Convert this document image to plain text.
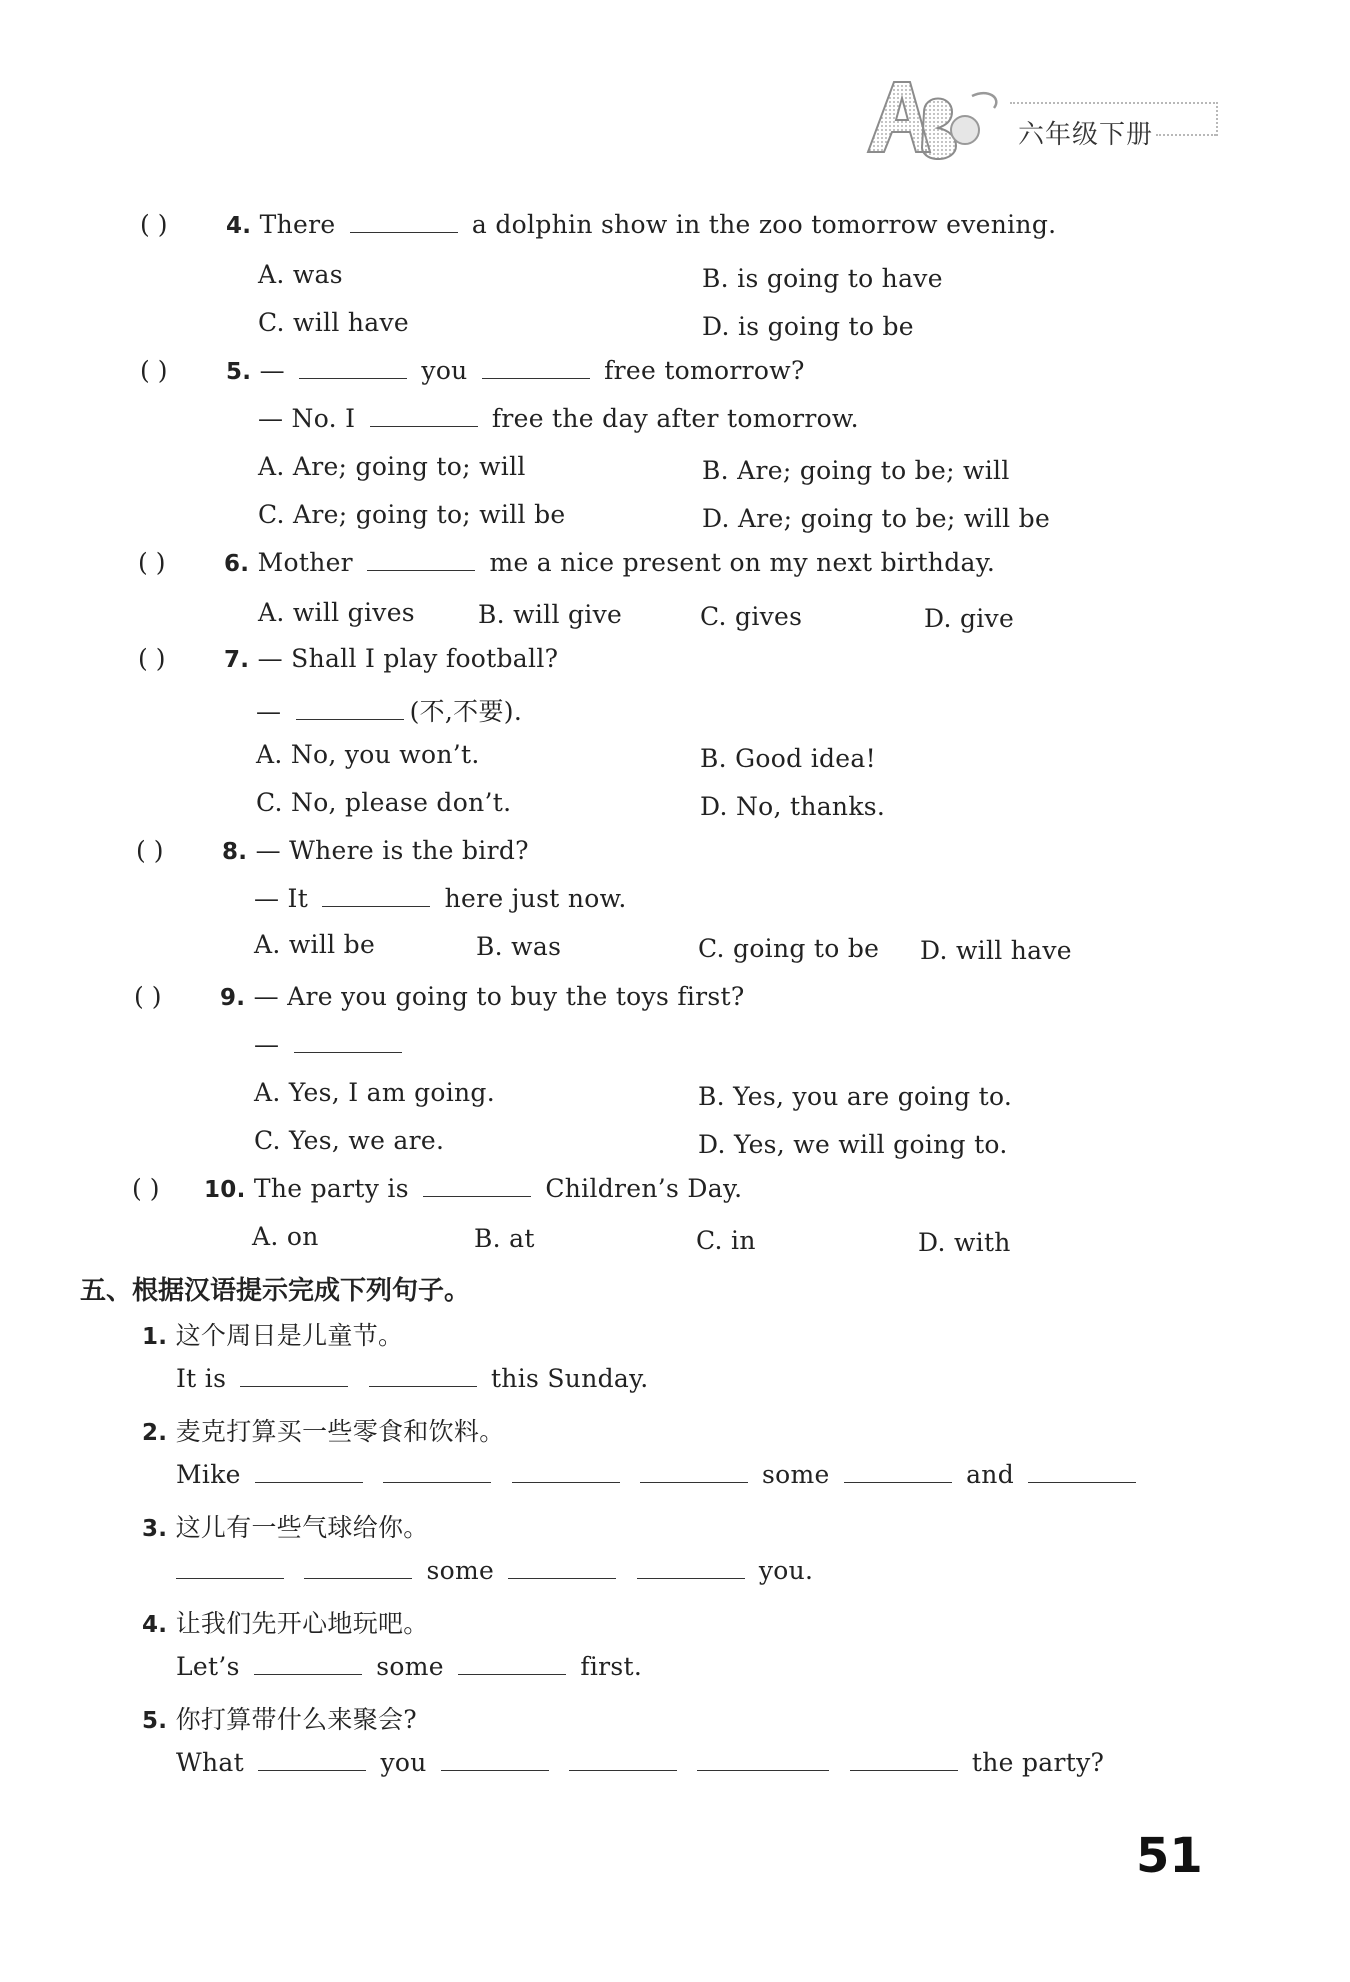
六年级下册
( )	4. There	a dolphin show in the zoo tomorrow evening.
A. was	B. is going to have
C. will have	D. is going to be
( )	5. —	you	free tomorrow?
— No. I	free the day after tomorrow.
A. Are; going to; will	B. Are; going to be; will
C. Are; going to; will be	D. Are; going to be; will be
( )	6. Mother	me a nice present on my next birthday.
A. will gives	B. will give	C. gives	D. give
( )	7. — Shall I play football?
—	(不,不要).
A. No, you won’t.	B. Good idea!
C. No, please don’t.	D. No, thanks.
( )	8. — Where is the bird?
— It	here just now.
A. will be	B. was	C. going to be D. will have
( )	9. — Are you going to buy the toys first?
—
A. Yes, I am going.	B. Yes, you are going to.
C. Yes, we are.	D. Yes, we will going to.
( ) 10. The party is	Children’s Day.
A. on	B. at	C. in	D. with
五、根据汉语提示完成下列句子。
1. 这个周日是儿童节。
It is	this Sunday.
2. 麦克打算买一些零食和饮料。
Mike	some	and
3. 这儿有一些气球给你。
some	you.
4. 让我们先开心地玩吧。
Let’s	some	first.
5. 你打算带什么来聚会?
What	you	the party?
51
